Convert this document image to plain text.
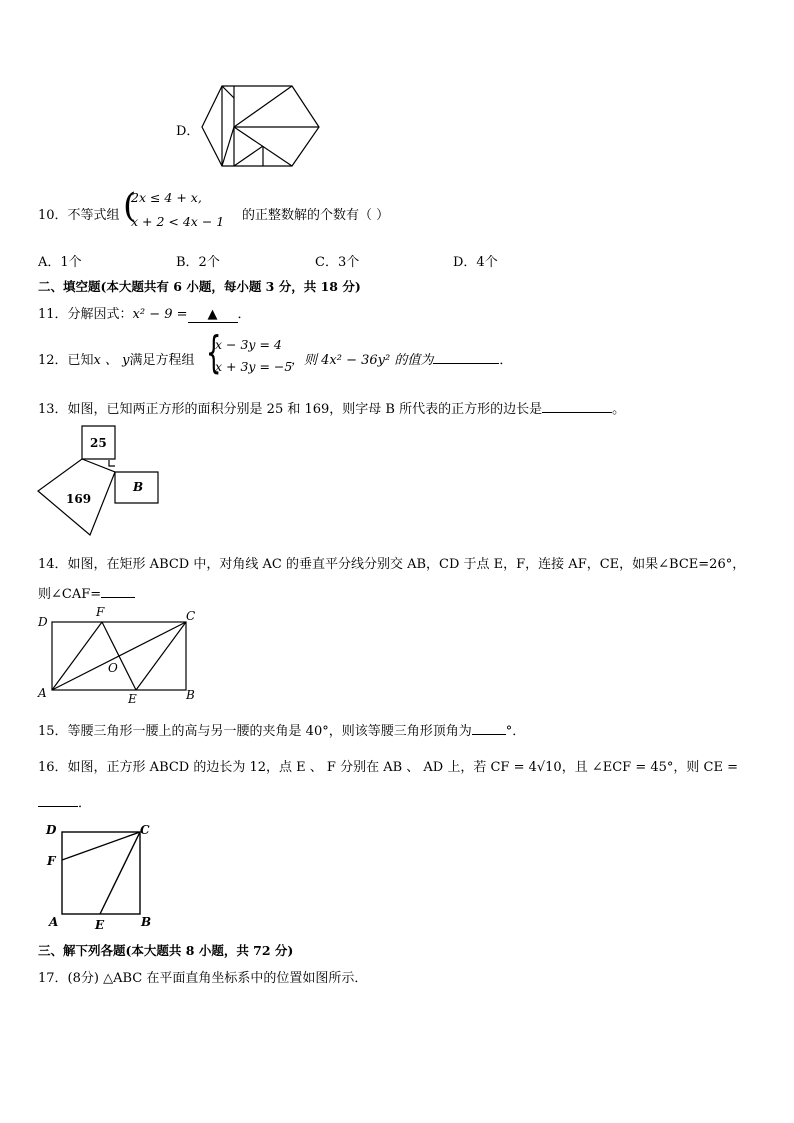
D．
10．不等式组 (
2x ≤ 4 + x,
x + 2 < 4x − 1 的正整数解的个数有（ ）
A．1个	B．2个	C．3个	D．4个
二、填空题(本大题共有 6 小题，每小题 3 分，共 18 分)
11．分解因式：x² − 9 = ▲ ．
12．已知x 、 y满足方程组 {
x − 3y = 4
x + 3y = −5
，则 4x² − 36y² 的值为	．
13．如图，已知两正方形的面积分别是 25 和 169，则字母 B 所代表的正方形的边长是	。
25
169
B
14．如图，在矩形 ABCD 中，对角线 AC 的垂直平分线分别交 AB，CD 于点 E，F，连接 AF，CE，如果∠BCE=26°，
则∠CAF=
D
F	C
O
A	E	B
15．等腰三角形一腰上的高与另一腰的夹角是 40°，则该等腰三角形顶角为	°．
16．如图，正方形 ABCD 的边长为 12，点 E 、 F 分别在 AB 、 AD 上，若 CF = 4√10，且 ∠ECF = 45°，则 CE =
．
D	C
F
A	E	B
三、解下列各题(本大题共 8 小题，共 72 分)
17．(8分) △ABC 在平面直角坐标系中的位置如图所示．
